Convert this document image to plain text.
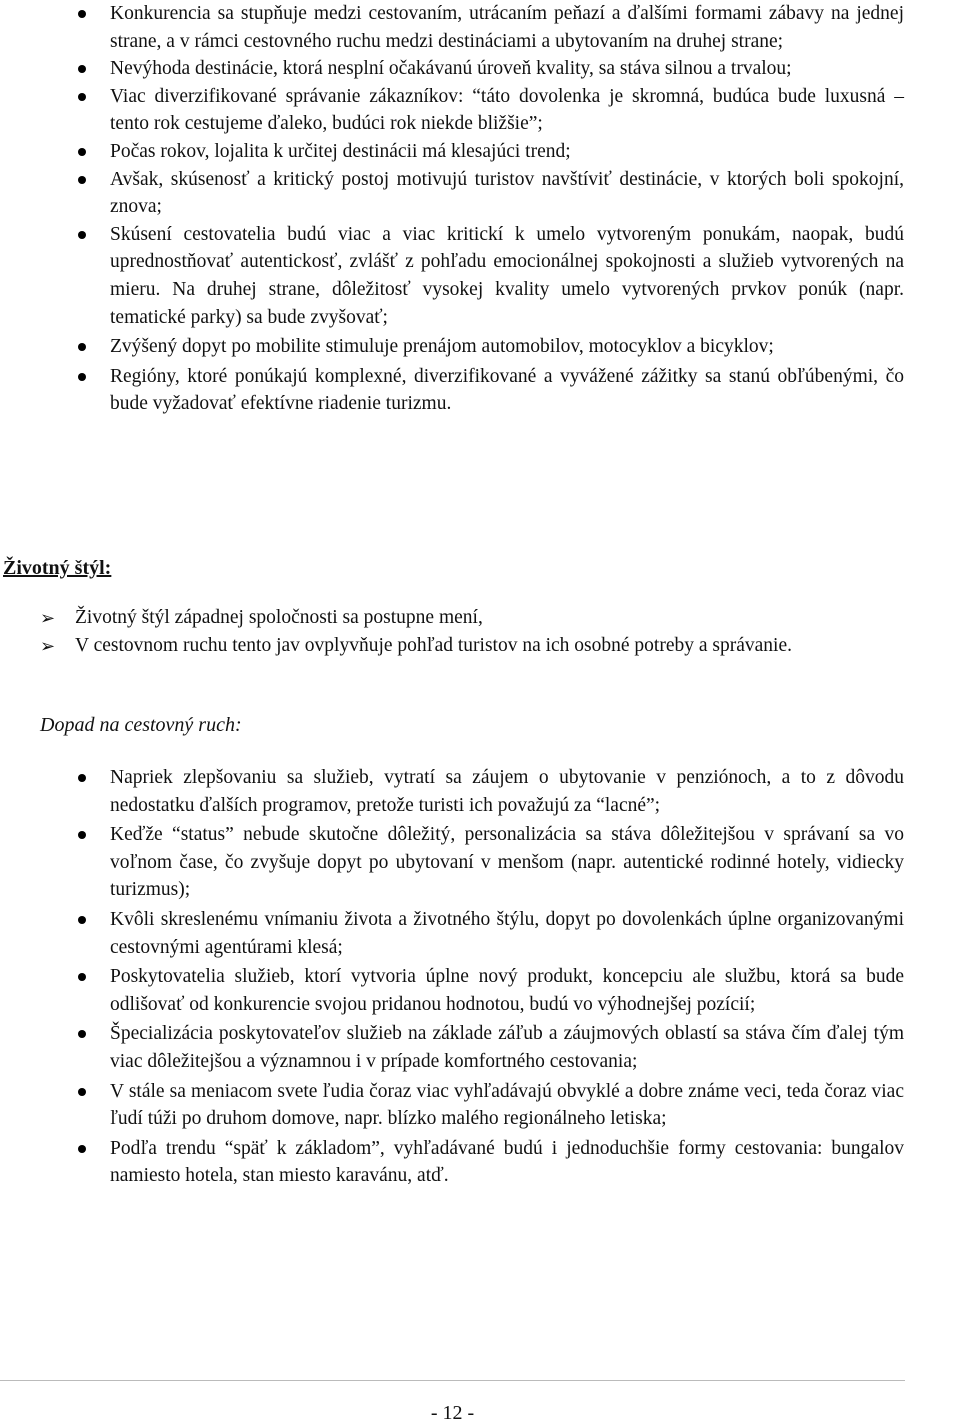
Konkurencia sa stupňuje medzi cestovaním, utrácaním peňazí a ďalšími formami zábavy na jednej strane, a v rámci cestovného ruchu medzi destináciami a ubytovaním na druhej strane;
Nevýhoda destinácie, ktorá nesplní očakávanú úroveň kvality, sa stáva silnou a trvalou;
Viac diverzifikované správanie zákazníkov: “táto dovolenka je skromná, budúca bude luxusná – tento rok cestujeme ďaleko, budúci rok niekde bližšie”;
Počas rokov, lojalita k určitej destinácii má klesajúci trend;
Avšak, skúsenosť a kritický postoj motivujú turistov navštíviť destinácie, v ktorých boli spokojní, znova;
Skúsení cestovatelia budú viac a viac kritickí k umelo vytvoreným ponukám, naopak, budú uprednostňovať autentickosť, zvlášť z pohľadu emocionálnej spokojnosti a služieb vytvorených na mieru. Na druhej strane, dôležitosť vysokej kvality umelo vytvorených prvkov ponúk (napr. tematické parky) sa bude zvyšovať;
Zvýšený dopyt po mobilite stimuluje prenájom automobilov, motocyklov a bicyklov;
Regióny, ktoré ponúkajú komplexné, diverzifikované a vyvážené zážitky sa stanú obľúbenými, čo bude vyžadovať efektívne riadenie turizmu.
Životný štýl:
➢ Životný štýl západnej spoločnosti sa postupne mení,
➢ V cestovnom ruchu tento jav ovplyvňuje pohľad turistov na ich osobné potreby a správanie.
Dopad na cestovný ruch:
Napriek zlepšovaniu sa služieb, vytratí sa záujem o ubytovanie v penziónoch, a to z dôvodu nedostatku ďalších programov, pretože turisti ich považujú za “lacné”;
Keďže “status” nebude skutočne dôležitý, personalizácia sa stáva dôležitejšou v správaní sa vo voľnom čase, čo zvyšuje dopyt po ubytovaní v menšom (napr. autentické rodinné hotely, vidiecky turizmus);
Kvôli skreslenému vnímaniu života a životného štýlu, dopyt po dovolenkách úplne organizovanými cestovnými agentúrami klesá;
Poskytovatelia služieb, ktorí vytvoria úplne nový produkt, koncepciu ale službu, ktorá sa bude odlišovať od konkurencie svojou pridanou hodnotou, budú vo výhodnejšej pozícií;
Špecializácia poskytovateľov služieb na základe záľub a záujmových oblastí sa stáva čím ďalej tým viac dôležitejšou a významnou i v prípade komfortného cestovania;
V stále sa meniacom svete ľudia čoraz viac vyhľadávajú obvyklé a dobre známe veci, teda čoraz viac ľudí túži po druhom domove, napr. blízko malého regionálneho letiska;
Podľa trendu “späť k základom”, vyhľadávané budú i jednoduchšie formy cestovania: bungalov namiesto hotela, stan miesto karavánu, atď.
- 12 -
